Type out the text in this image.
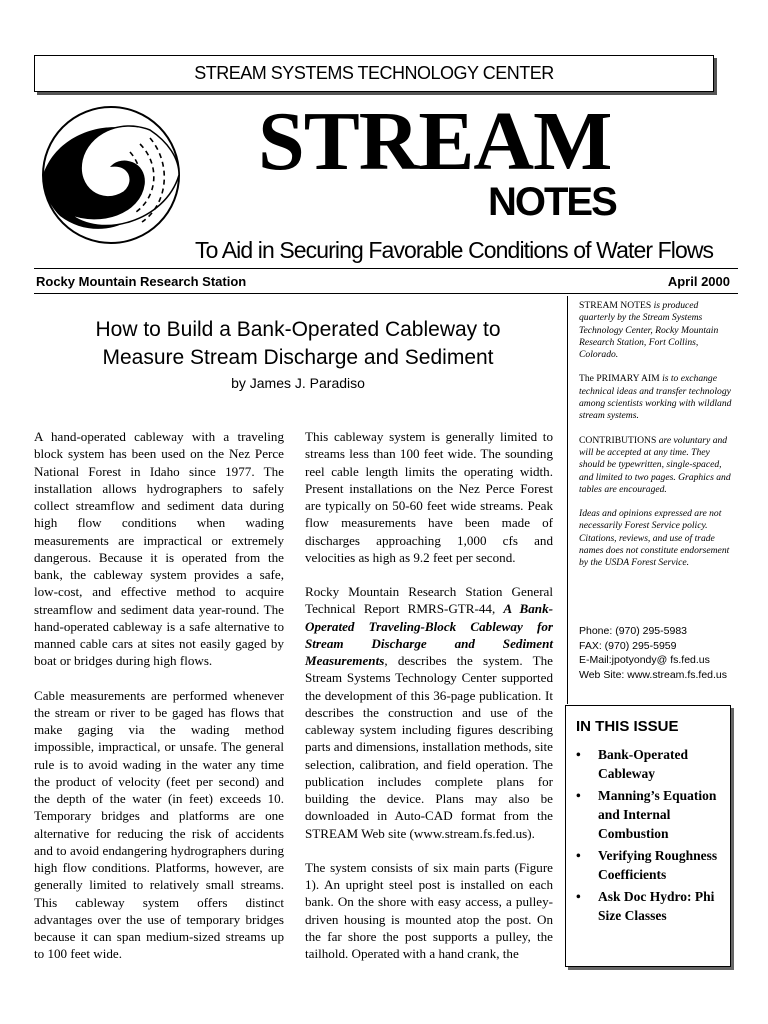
STREAM SYSTEMS TECHNOLOGY CENTER
STREAM
NOTES
To Aid in Securing Favorable Conditions of Water Flows
Rocky Mountain Research Station	April 2000
How to Build a Bank-Operated Cableway to
Measure Stream Discharge and Sediment
by James J. Paradiso

A hand-operated cableway with a traveling block system has been used on the Nez Perce National Forest in Idaho since 1977. The installation allows hydrographers to safely collect streamflow and sediment data during high flow conditions when wading measurements are impractical or extremely dangerous. Because it is operated from the bank, the cableway system provides a safe, low-cost, and effective method to acquire streamflow and sediment data year-round. The hand-operated cableway is a safe alternative to manned cable cars at sites not easily gaged by boat or bridges during high flows.

Cable measurements are performed whenever the stream or river to be gaged has flows that make gaging via the wading method impossible, impractical, or unsafe. The general rule is to avoid wading in the water any time the product of velocity (feet per second) and the depth of the water (in feet) exceeds 10. Temporary bridges and platforms are one alternative for reducing the risk of accidents and to avoid endangering hydrographers during high flow conditions. Platforms, however, are generally limited to relatively small streams. This cableway system offers distinct advantages over the use of temporary bridges because it can span medium-sized streams up to 100 feet wide.

This cableway system is generally limited to streams less than 100 feet wide. The sounding reel cable length limits the operating width. Present installations on the Nez Perce Forest are typically on 50-60 feet wide streams. Peak flow measurements have been made of discharges approaching 1,000 cfs and velocities as high as 9.2 feet per second.

Rocky Mountain Research Station General Technical Report RMRS-GTR-44, A Bank-Operated Traveling-Block Cableway for Stream Discharge and Sediment Measurements, describes the system. The Stream Systems Technology Center supported the development of this 36-page publication. It describes the construction and use of the cableway system including figures describing parts and dimensions, installation methods, site selection, calibration, and field operation. The publication includes complete plans for building the device. Plans may also be downloaded in Auto-CAD format from the STREAM Web site (www.stream.fs.fed.us).

The system consists of six main parts (Figure 1). An upright steel post is installed on each bank. On the shore with easy access, a pulley-driven housing is mounted atop the post. On the far shore the post supports a pulley, the tailhold. Operated with a hand crank, the

STREAM NOTES is produced quarterly by the Stream Systems Technology Center, Rocky Mountain Research Station, Fort Collins, Colorado.

The PRIMARY AIM is to exchange technical ideas and transfer technology among scientists working with wildland stream systems.

CONTRIBUTIONS are voluntary and will be accepted at any time. They should be typewritten, single-spaced, and limited to two pages. Graphics and tables are encouraged.

Ideas and opinions expressed are not necessarily Forest Service policy. Citations, reviews, and use of trade names does not constitute endorsement by the USDA Forest Service.

Phone: (970) 295-5983
FAX: (970) 295-5959
E-Mail:jpotyondy@ fs.fed.us
Web Site: www.stream.fs.fed.us
IN THIS ISSUE
• Bank-Operated Cableway
• Manning’s Equation and Internal Combustion
• Verifying Roughness Coefficients
• Ask Doc Hydro: Phi Size Classes
